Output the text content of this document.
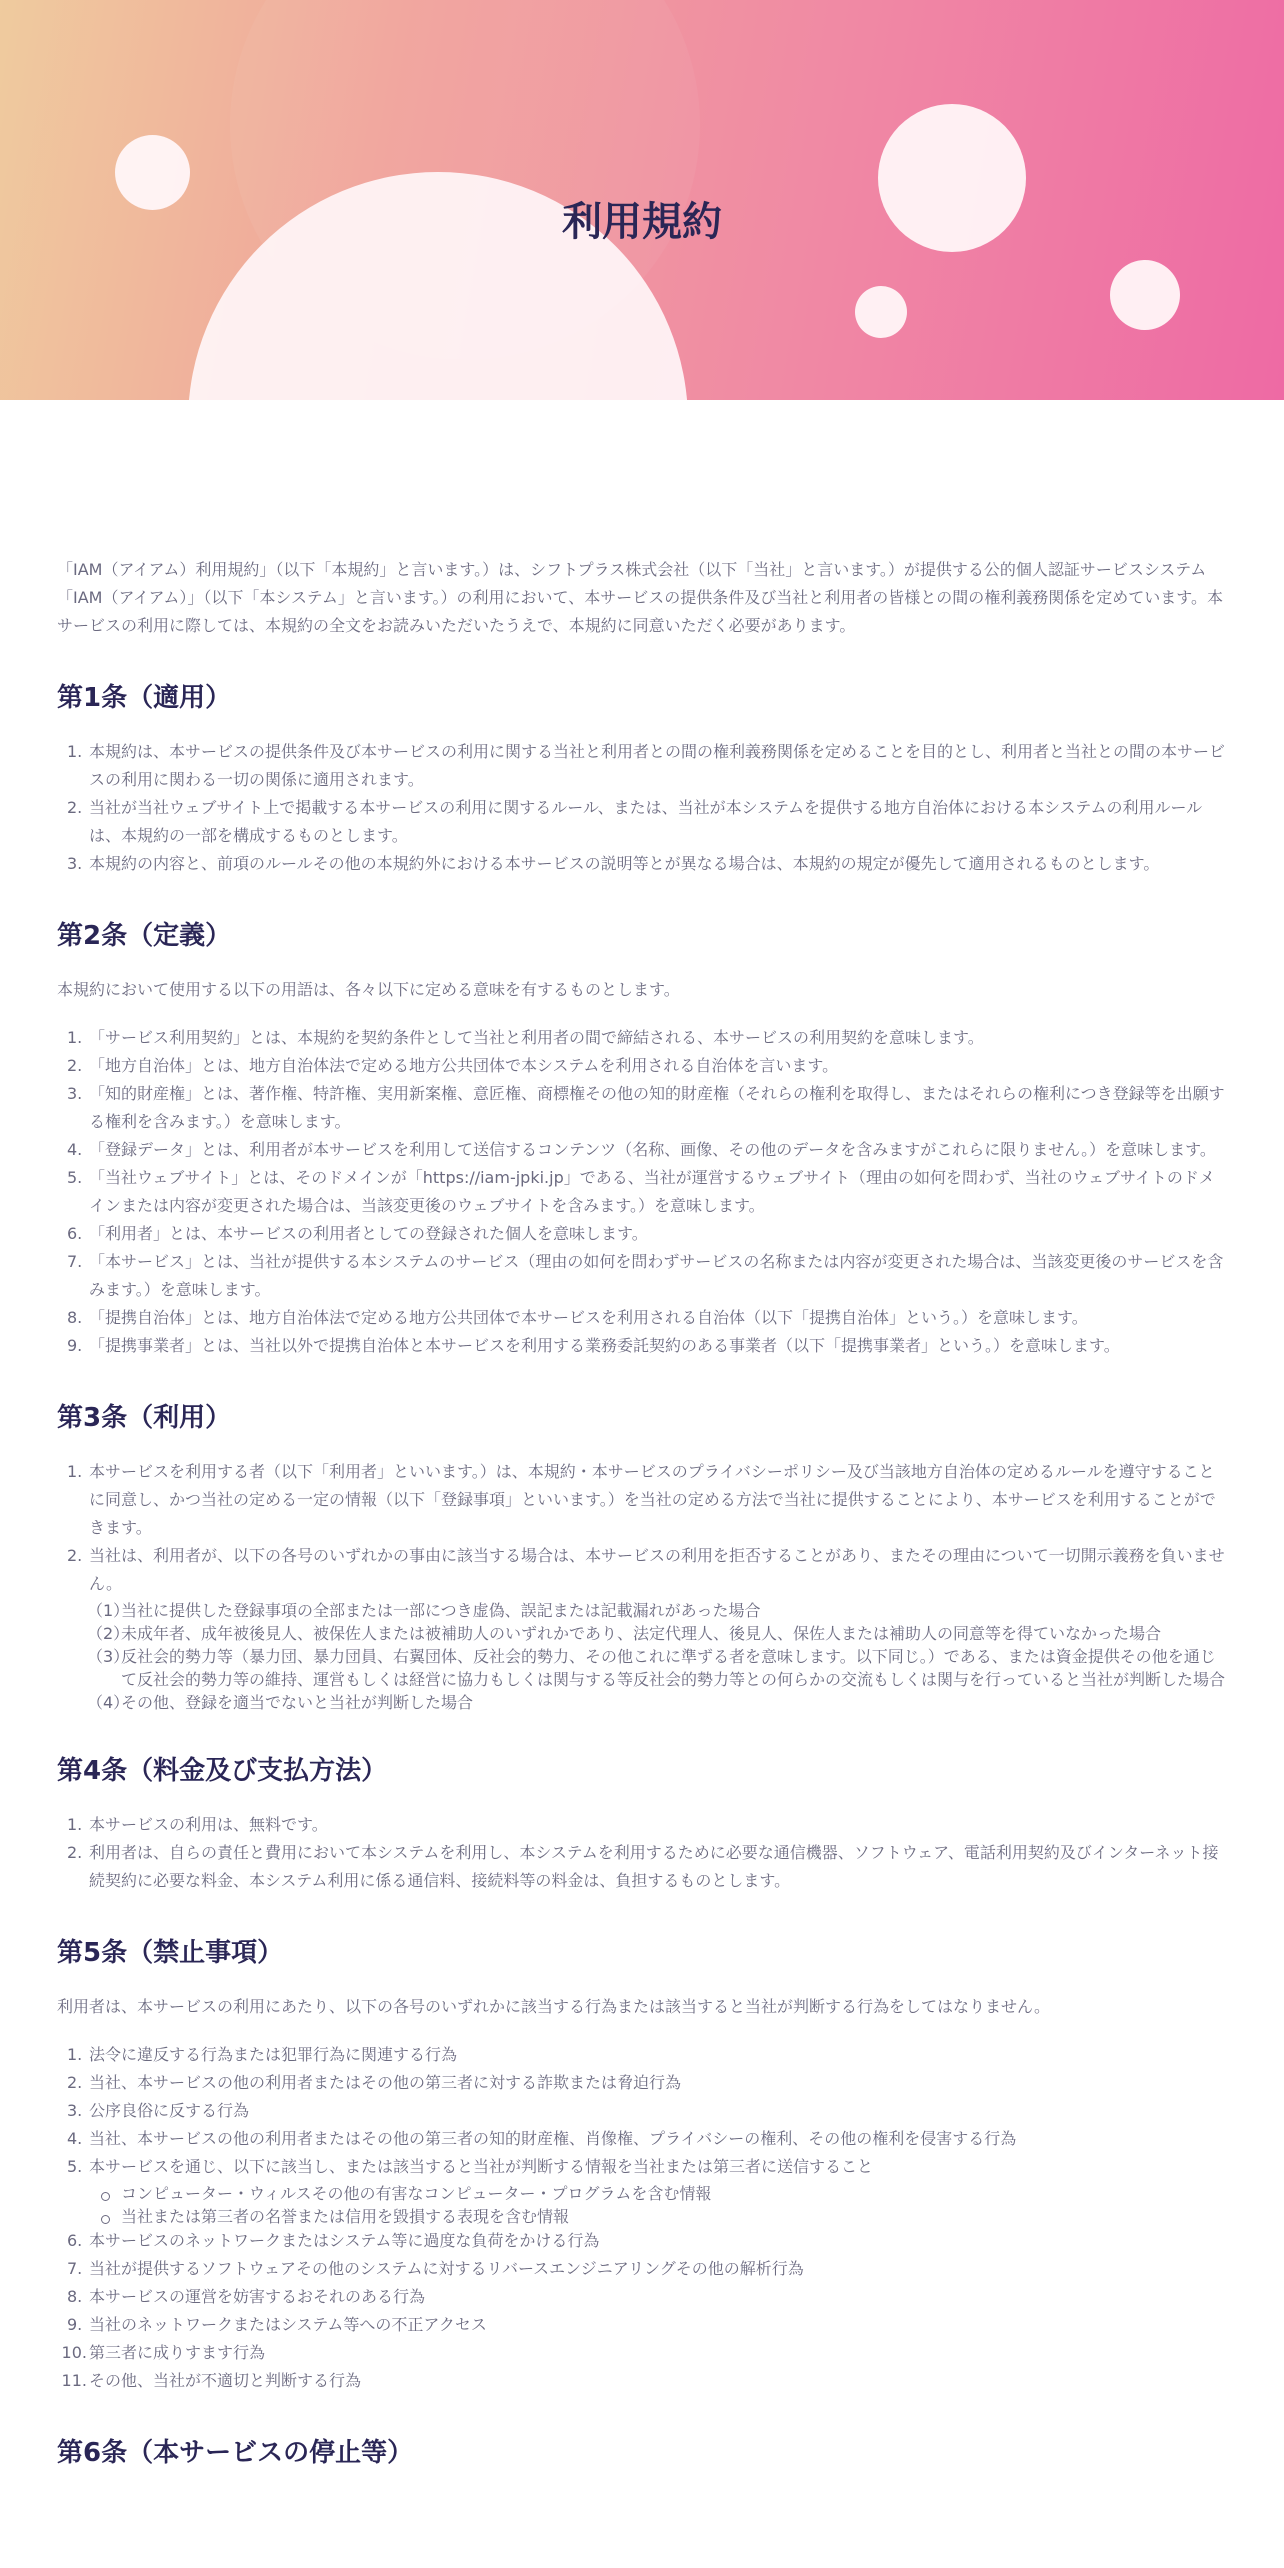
利用規約

「IAM（アイアム）利用規約」（以下「本規約」と言います。）は、シフトプラス株式会社（以下「当社」と言います。）が提供する公的個人認証サービスシステム「IAM（アイアム）」（以下「本システム」と言います。）の利用において、本サービスの提供条件及び当社と利用者の皆様との間の権利義務関係を定めています。本サービスの利用に際しては、本規約の全文をお読みいただいたうえで、本規約に同意いただく必要があります。

第1条（適用）
1. 本規約は、本サービスの提供条件及び本サービスの利用に関する当社と利用者との間の権利義務関係を定めることを目的とし、利用者と当社との間の本サービスの利用に関わる一切の関係に適用されます。
2. 当社が当社ウェブサイト上で掲載する本サービスの利用に関するルール、または、当社が本システムを提供する地方自治体における本システムの利用ルールは、本規約の一部を構成するものとします。
3. 本規約の内容と、前項のルールその他の本規約外における本サービスの説明等とが異なる場合は、本規約の規定が優先して適用されるものとします。
第2条（定義）

本規約において使用する以下の用語は、各々以下に定める意味を有するものとします。

1. 「サービス利用契約」とは、本規約を契約条件として当社と利用者の間で締結される、本サービスの利用契約を意味します。
2. 「地方自治体」とは、地方自治体法で定める地方公共団体で本システムを利用される自治体を言います。
3. 「知的財産権」とは、著作権、特許権、実用新案権、意匠権、商標権その他の知的財産権（それらの権利を取得し、またはそれらの権利につき登録等を出願する権利を含みます。）を意味します。
4. 「登録データ」とは、利用者が本サービスを利用して送信するコンテンツ（名称、画像、その他のデータを含みますがこれらに限りません。）を意味します。
5. 「当社ウェブサイト」とは、そのドメインが「https://iam-jpki.jp」である、当社が運営するウェブサイト（理由の如何を問わず、当社のウェブサイトのドメインまたは内容が変更された場合は、当該変更後のウェブサイトを含みます。）を意味します。
6. 「利用者」とは、本サービスの利用者としての登録された個人を意味します。
7. 「本サービス」とは、当社が提供する本システムのサービス（理由の如何を問わずサービスの名称または内容が変更された場合は、当該変更後のサービスを含みます。）を意味します。
8. 「提携自治体」とは、地方自治体法で定める地方公共団体で本サービスを利用される自治体（以下「提携自治体」という。）を意味します。
9. 「提携事業者」とは、当社以外で提携自治体と本サービスを利用する業務委託契約のある事業者（以下「提携事業者」という。）を意味します。
第3条（利用）
1. 本サービスを利用する者（以下「利用者」といいます。）は、本規約・本サービスのプライバシーポリシー及び当該地方自治体の定めるルールを遵守することに同意し、かつ当社の定める一定の情報（以下「登録事項」といいます。）を当社の定める方法で当社に提供することにより、本サービスを利用することができます。
2. 当社は、利用者が、以下の各号のいずれかの事由に該当する場合は、本サービスの利用を拒否することがあり、またその理由について一切開示義務を負いません。
（1）
当社に提供した登録事項の全部または一部につき虚偽、誤記または記載漏れがあった場合
（2）
未成年者、成年被後見人、被保佐人または被補助人のいずれかであり、法定代理人、後見人、保佐人または補助人の同意等を得ていなかった場合
（3）
反社会的勢力等（暴力団、暴力団員、右翼団体、反社会的勢力、その他これに準ずる者を意味します。以下同じ。）である、または資金提供その他を通じて反社会的勢力等の維持、運営もしくは経営に協力もしくは関与する等反社会的勢力等との何らかの交流もしくは関与を行っていると当社が判断した場合
（4）
その他、登録を適当でないと当社が判断した場合
第4条（料金及び支払方法）
1. 本サービスの利用は、無料です。
2. 利用者は、自らの責任と費用において本システムを利用し、本システムを利用するために必要な通信機器、ソフトウェア、電話利用契約及びインターネット接続契約に必要な料金、本システム利用に係る通信料、接続料等の料金は、負担するものとします。
第5条（禁止事項）

利用者は、本サービスの利用にあたり、以下の各号のいずれかに該当する行為または該当すると当社が判断する行為をしてはなりません。

1. 法令に違反する行為または犯罪行為に関連する行為
2. 当社、本サービスの他の利用者またはその他の第三者に対する詐欺または脅迫行為
3. 公序良俗に反する行為
4. 当社、本サービスの他の利用者またはその他の第三者の知的財産権、肖像権、プライバシーの権利、その他の権利を侵害する行為
5. 本サービスを通じ、以下に該当し、または該当すると当社が判断する情報を当社または第三者に送信すること
コンピューター・ウィルスその他の有害なコンピューター・プログラムを含む情報
当社または第三者の名誉または信用を毀損する表現を含む情報
6. 本サービスのネットワークまたはシステム等に過度な負荷をかける行為
7. 当社が提供するソフトウェアその他のシステムに対するリバースエンジニアリングその他の解析行為
8. 本サービスの運営を妨害するおそれのある行為
9. 当社のネットワークまたはシステム等への不正アクセス
10. 第三者に成りすます行為
11. その他、当社が不適切と判断する行為
第6条（本サービスの停止等）
